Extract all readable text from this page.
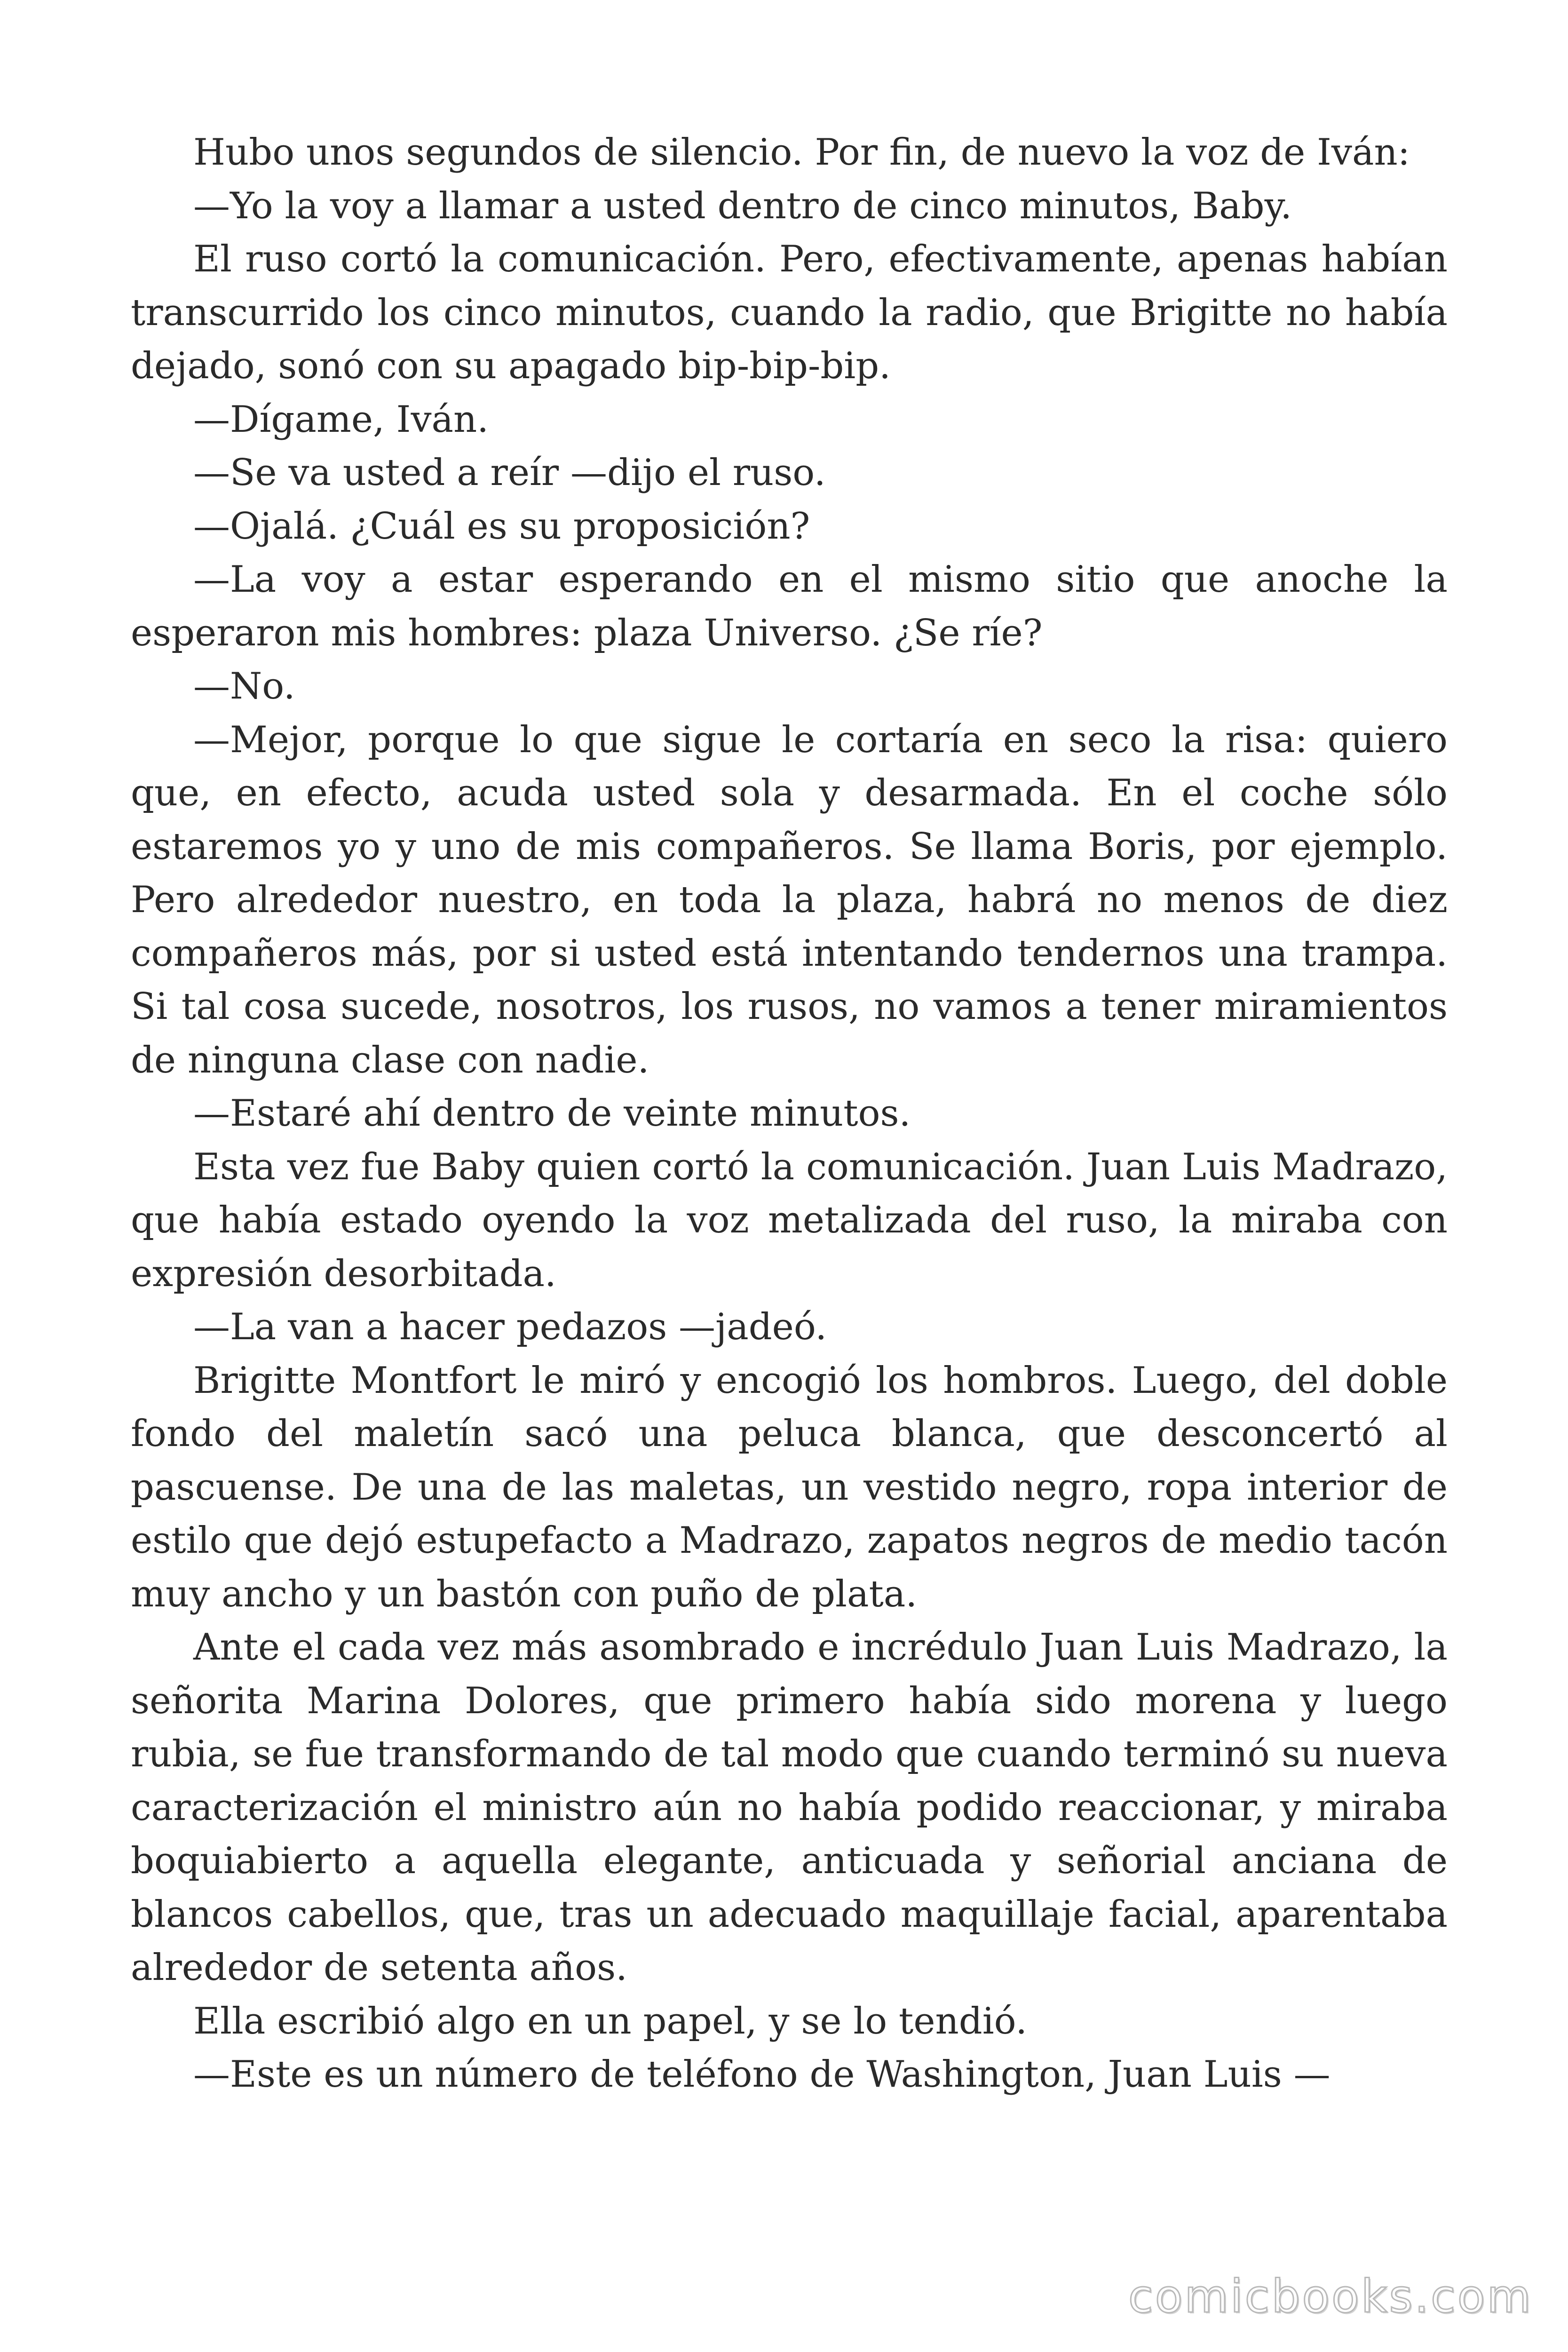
Hubo unos segundos de silencio. Por fin, de nuevo la voz de Iván:

—Yo la voy a llamar a usted dentro de cinco minutos, Baby.

El ruso cortó la comunicación. Pero, efectivamente, apenas habían transcurrido los cinco minutos, cuando la radio, que Brigitte no había dejado, sonó con su apagado bip-bip-bip.

—Dígame, Iván.

—Se va usted a reír —dijo el ruso.

—Ojalá. ¿Cuál es su proposición?

—La voy a estar esperando en el mismo sitio que anoche la esperaron mis hombres: plaza Universo. ¿Se ríe?

—No.

—Mejor, porque lo que sigue le cortaría en seco la risa: quiero que, en efecto, acuda usted sola y desarmada. En el coche sólo estaremos yo y uno de mis compañeros. Se llama Boris, por ejemplo. Pero alrededor nuestro, en toda la plaza, habrá no menos de diez compañeros más, por si usted está intentando tendernos una trampa. Si tal cosa sucede, nosotros, los rusos, no vamos a tener miramientos de ninguna clase con nadie.

—Estaré ahí dentro de veinte minutos.

Esta vez fue Baby quien cortó la comunicación. Juan Luis Madrazo, que había estado oyendo la voz metalizada del ruso, la miraba con expresión desorbitada.

—La van a hacer pedazos —jadeó.

Brigitte Montfort le miró y encogió los hombros. Luego, del doble fondo del maletín sacó una peluca blanca, que desconcertó al pascuense. De una de las maletas, un vestido negro, ropa interior de estilo que dejó estupefacto a Madrazo, zapatos negros de medio tacón muy ancho y un bastón con puño de plata.

Ante el cada vez más asombrado e incrédulo Juan Luis Madrazo, la señorita Marina Dolores, que primero había sido morena y luego rubia, se fue transformando de tal modo que cuando terminó su nueva caracterización el ministro aún no había podido reaccionar, y miraba boquiabierto a aquella elegante, anticuada y señorial anciana de blancos cabellos, que, tras un adecuado maquillaje facial, aparentaba alrededor de setenta años.

Ella escribió algo en un papel, y se lo tendió.

—Este es un número de teléfono de Washington, Juan Luis —

comicbooks.com
